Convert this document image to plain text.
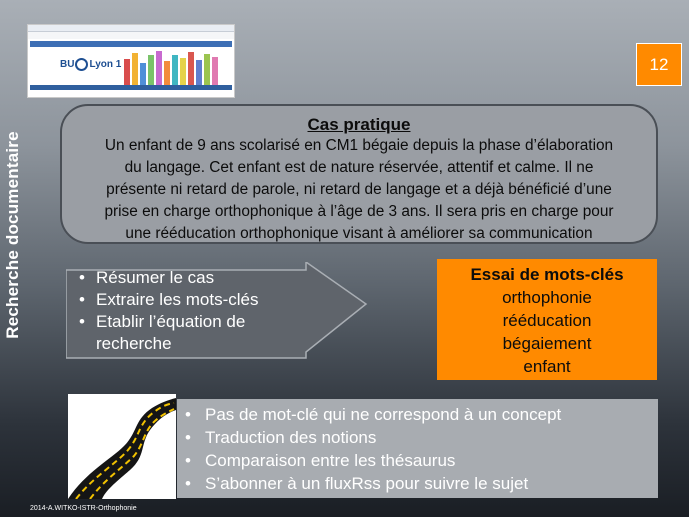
Recherche documentaire
BU Lyon 1	12
Cas pratique
Un enfant de 9 ans scolarisé en CM1 bégaie depuis la phase d’élaboration
du langage. Cet enfant est de nature réservée, attentif et calme. Il ne
présente ni retard de parole, ni retard de langage et a déjà bénéficié d’une
prise en charge orthophonique à l’âge de 3 ans. Il sera pris en charge pour
une rééducation orthophonique visant à améliorer sa communication
• Résumer le cas
• Extraire les mots-clés
• Etablir l’équation de recherche
Essai de mots-clés
orthophonie
rééducation
bégaiement
enfant
• Pas de mot-clé qui ne correspond à un concept
• Traduction des notions
• Comparaison entre les thésaurus
• S’abonner à un fluxRss pour suivre le sujet
2014-A.WITKO-ISTR-Orthophonie
